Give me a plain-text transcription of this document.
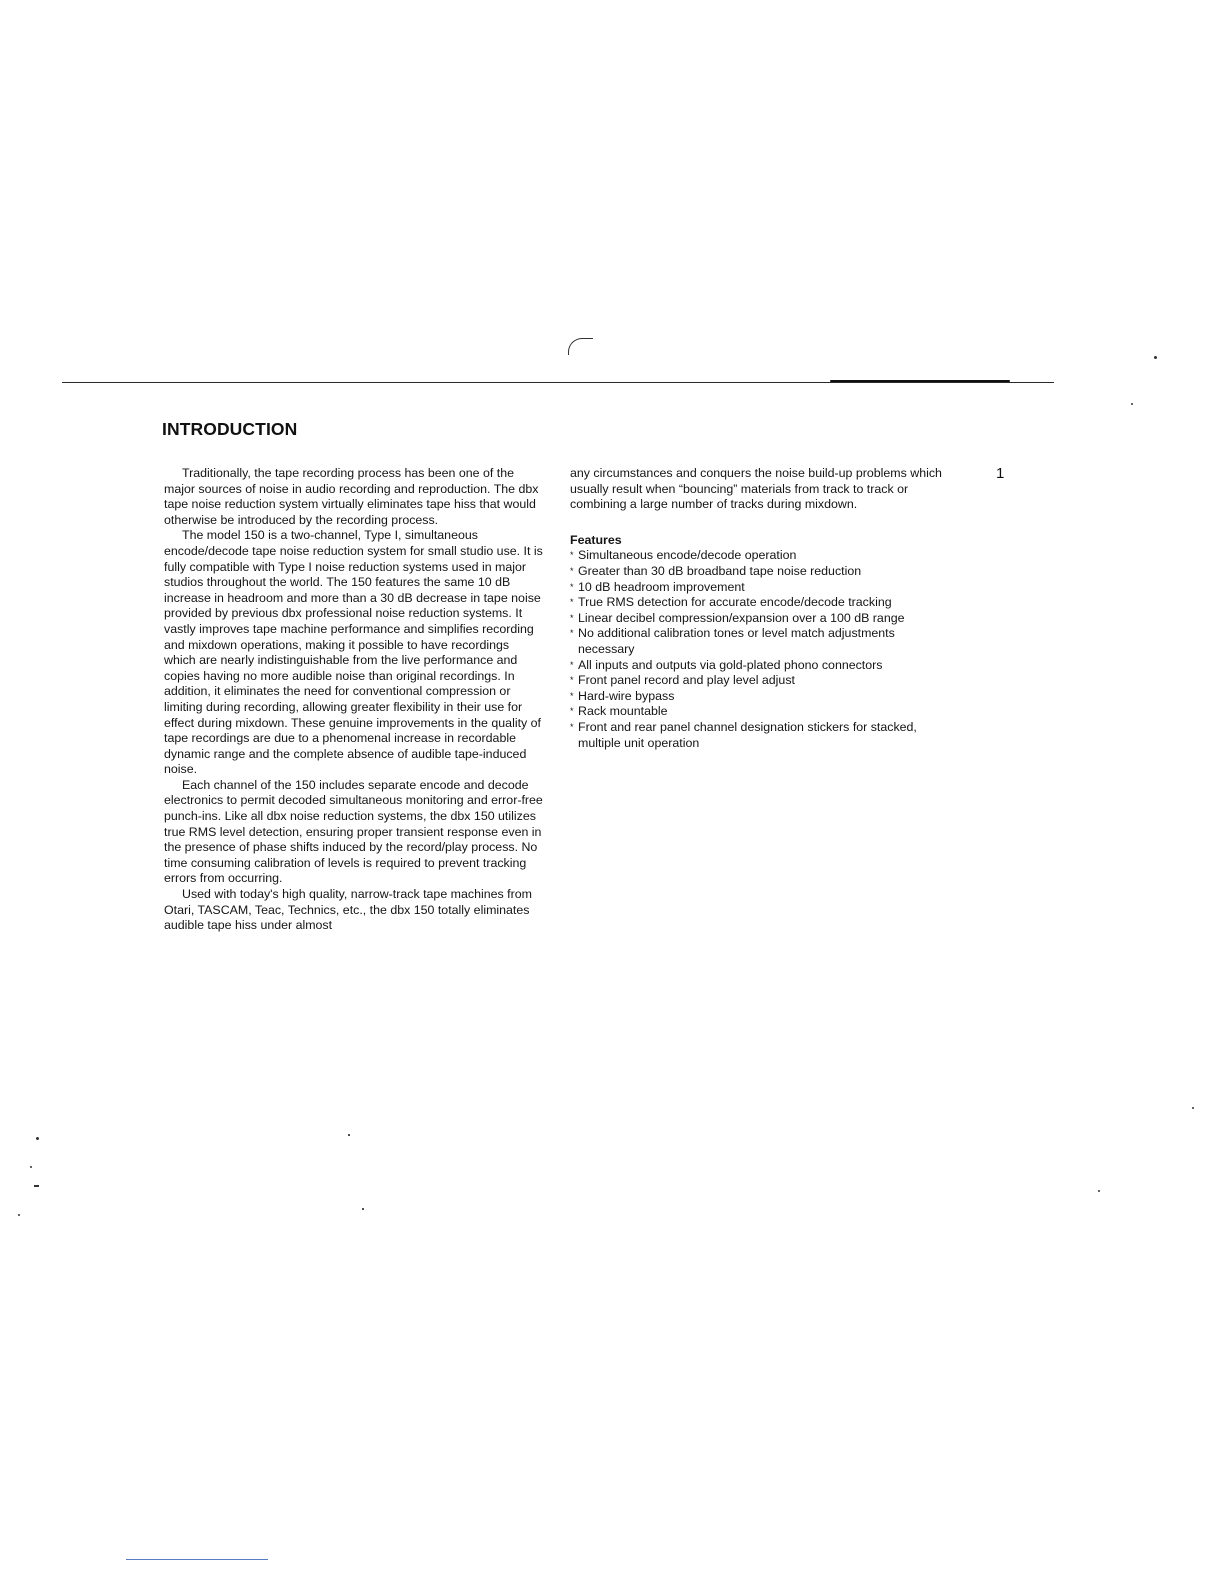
INTRODUCTION
1

Traditionally, the tape recording process has been one of the major sources of noise in audio recording and reproduction. The dbx tape noise reduction system virtually eliminates tape hiss that would otherwise be introduced by the recording process.

The model 150 is a two-channel, Type I, simultaneous encode/decode tape noise reduction system for small studio use. It is fully compatible with Type I noise reduction systems used in major studios throughout the world. The 150 features the same 10 dB increase in headroom and more than a 30 dB decrease in tape noise provided by previous dbx professional noise reduction systems. It vastly improves tape machine performance and simplifies recording and mixdown operations, making it possible to have recordings which are nearly indistinguishable from the live performance and copies having no more audible noise than original recordings. In addition, it eliminates the need for conventional compression or limiting during recording, allowing greater flexibility in their use for effect during mixdown. These genuine improvements in the quality of tape recordings are due to a phenomenal increase in recordable dynamic range and the complete absence of audible tape-induced noise.

Each channel of the 150 includes separate encode and decode electronics to permit decoded simultaneous monitoring and error-free punch-ins. Like all dbx noise reduction systems, the dbx 150 utilizes true RMS level detection, ensuring proper transient response even in the presence of phase shifts induced by the record/play process. No time consuming calibration of levels is required to prevent tracking errors from occurring.

Used with today's high quality, narrow-track tape machines from Otari, TASCAM, Teac, Technics, etc., the dbx 150 totally eliminates audible tape hiss under almost

any circumstances and conquers the noise build-up problems which usually result when “bouncing” materials from track to track or combining a large number of tracks during mixdown.

Features
* Simultaneous encode/decode operation
* Greater than 30 dB broadband tape noise reduction
* 10 dB headroom improvement
* True RMS detection for accurate encode/decode tracking
* Linear decibel compression/expansion over a 100 dB range
* No additional calibration tones or level match adjustments necessary
* All inputs and outputs via gold-plated phono connectors
* Front panel record and play level adjust
* Hard-wire bypass
* Rack mountable
* Front and rear panel channel designation stickers for stacked, multiple unit operation
